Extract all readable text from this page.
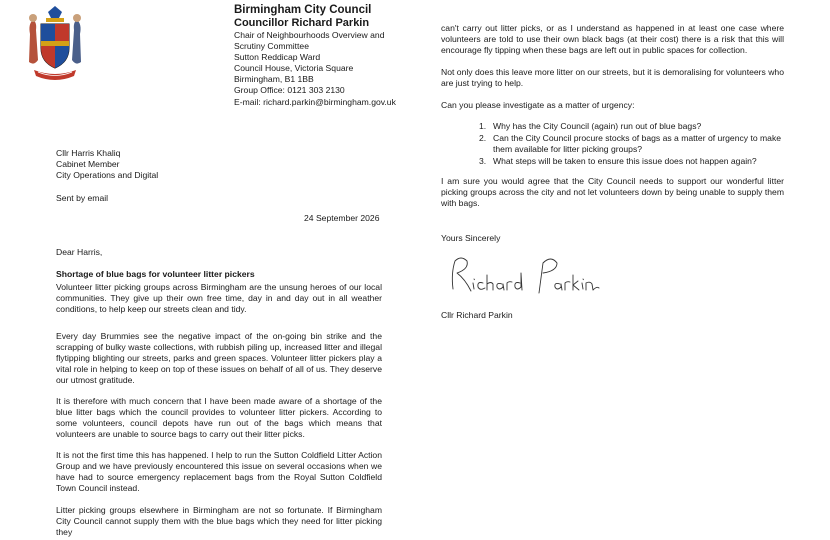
Birmingham City Council
Councillor Richard Parkin
Chair of Neighbourhoods Overview and
Scrutiny Committee
Sutton Reddicap Ward
Council House, Victoria Square
Birmingham, B1 1BB
Group Office: 0121 303 2130
E-mail: richard.parkin@birmingham.gov.uk
Cllr Harris Khaliq
Cabinet Member
City Operations and Digital
Sent by email
24 September 2026
Dear Harris,
Shortage of blue bags for volunteer litter pickers

Volunteer litter picking groups across Birmingham are the unsung heroes of our local communities. They give up their own free time, day in and day out in all weather conditions, to help keep our streets clean and tidy.

Every day Brummies see the negative impact of the on-going bin strike and the scrapping of bulky waste collections, with rubbish piling up, increased litter and illegal flytipping blighting our streets, parks and green spaces. Volunteer litter pickers play a vital role in helping to keep on top of these issues on behalf of all of us. They deserve our utmost gratitude.

It is therefore with much concern that I have been made aware of a shortage of the blue litter bags which the council provides to volunteer litter pickers. According to some volunteers, council depots have run out of the bags which means that volunteers are unable to source bags to carry out their litter picks.

It is not the first time this has happened. I help to run the Sutton Coldfield Litter Action Group and we have previously encountered this issue on several occasions when we have had to source emergency replacement bags from the Royal Sutton Coldfield Town Council instead.

Litter picking groups elsewhere in Birmingham are not so fortunate. If Birmingham City Council cannot supply them with the blue bags which they need for litter picking they

can't carry out litter picks, or as I understand as happened in at least one case where volunteers are told to use their own black bags (at their cost) there is a risk that this will encourage fly tipping when these bags are left out in public spaces for collection.

Not only does this leave more litter on our streets, but it is demoralising for volunteers who are just trying to help.

Can you please investigate as a matter of urgency:

I am sure you would agree that the City Council needs to support our wonderful litter picking groups across the city and not let volunteers down by being unable to supply them with bags.

1. Why has the City Council (again) run out of blue bags?
2. Can the City Council procure stocks of bags as a matter of urgency to make them available for litter picking groups?
3. What steps will be taken to ensure this issue does not happen again?
Yours Sincerely
Cllr Richard Parkin
